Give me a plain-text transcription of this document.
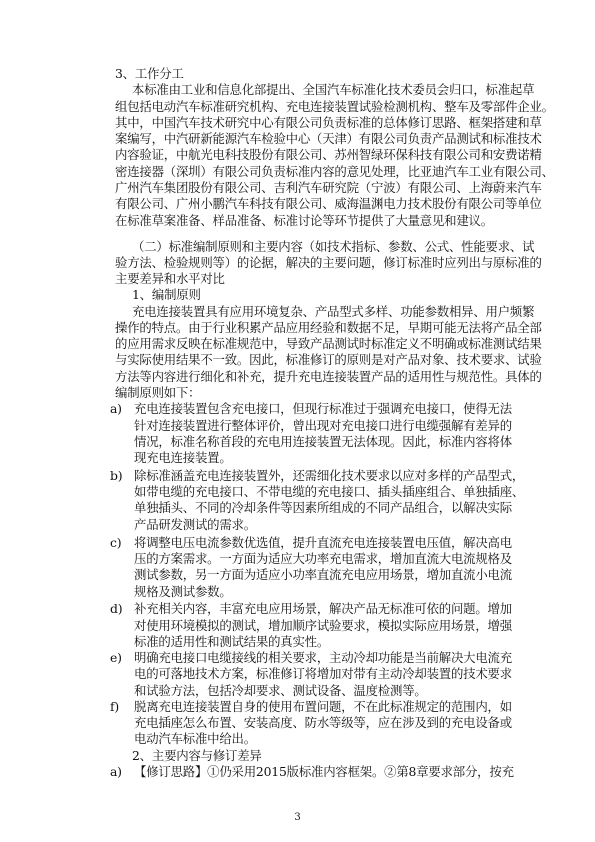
3、工作分工
本标准由工业和信息化部提出、全国汽车标准化技术委员会归口，标准起草
组包括电动汽车标准研究机构、充电连接装置试验检测机构、整车及零部件企业。
其中，中国汽车技术研究中心有限公司负责标准的总体修订思路、框架搭建和草
案编写，中汽研新能源汽车检验中心（天津）有限公司负责产品测试和标准技术
内容验证，中航光电科技股份有限公司、苏州智绿环保科技有限公司和安费诺精
密连接器（深圳）有限公司负责标准内容的意见处理，比亚迪汽车工业有限公司、
广州汽车集团股份有限公司、吉利汽车研究院（宁波）有限公司、上海蔚来汽车
有限公司、广州小鹏汽车科技有限公司、威海温渊电力技术股份有限公司等单位
在标准草案准备、样品准备、标准讨论等环节提供了大量意见和建议。
（二）标准编制原则和主要内容（如技术指标、参数、公式、性能要求、试
验方法、检验规则等）的论据，解决的主要问题，修订标准时应列出与原标准的
主要差异和水平对比
1、编制原则
充电连接装置具有应用环境复杂、产品型式多样、功能参数相异、用户频繁
操作的特点。由于行业积累产品应用经验和数据不足，早期可能无法将产品全部
的应用需求反映在标准规范中，导致产品测试时标准定义不明确或标准测试结果
与实际使用结果不一致。因此，标准修订的原则是对产品对象、技术要求、试验
方法等内容进行细化和补充，提升充电连接装置产品的适用性与规范性。具体的
编制原则如下：
a) 充电连接装置包含充电接口，但现行标准过于强调充电接口，使得无法
针对连接装置进行整体评价，曾出现对充电接口进行电缆强解有差异的
情况，标准名称首段的充电用连接装置无法体现。因此，标准内容将体
现充电连接装置。
b) 除标准涵盖充电连接装置外，还需细化技术要求以应对多样的产品型式，
如带电缆的充电接口、不带电缆的充电接口、插头插座组合、单独插座、
单独插头、不同的冷却条件等因素所组成的不同产品组合，以解决实际
产品研发测试的需求。
c)	将调整电压电流参数优选值，提升直流充电连接装置电压值，解决高电
压的方案需求。一方面为适应大功率充电需求，增加直流大电流规格及
测试参数，另一方面为适应小功率直流充电应用场景，增加直流小电流
规格及测试参数。
d) 补充相关内容，丰富充电应用场景，解决产品无标准可依的问题。增加
对使用环境模拟的测试，增加顺序试验要求，模拟实际应用场景，增强
标准的适用性和测试结果的真实性。
e) 明确充电接口电缆接线的相关要求，主动冷却功能是当前解决大电流充
电的可落地技术方案，标准修订将增加对带有主动冷却装置的技术要求
和试验方法，包括冷却要求、测试设备、温度检测等。
3
f)	脱离充电连接装置自身的使用布置问题，不在此标准规定的范围内，如
充电插座怎么布置、安装高度、防水等级等，应在涉及到的充电设备或
电动汽车标准中给出。
2、主要内容与修订差异
a) 【修订思路】①仍采用2015版标准内容框架。②第8章要求部分，按充
